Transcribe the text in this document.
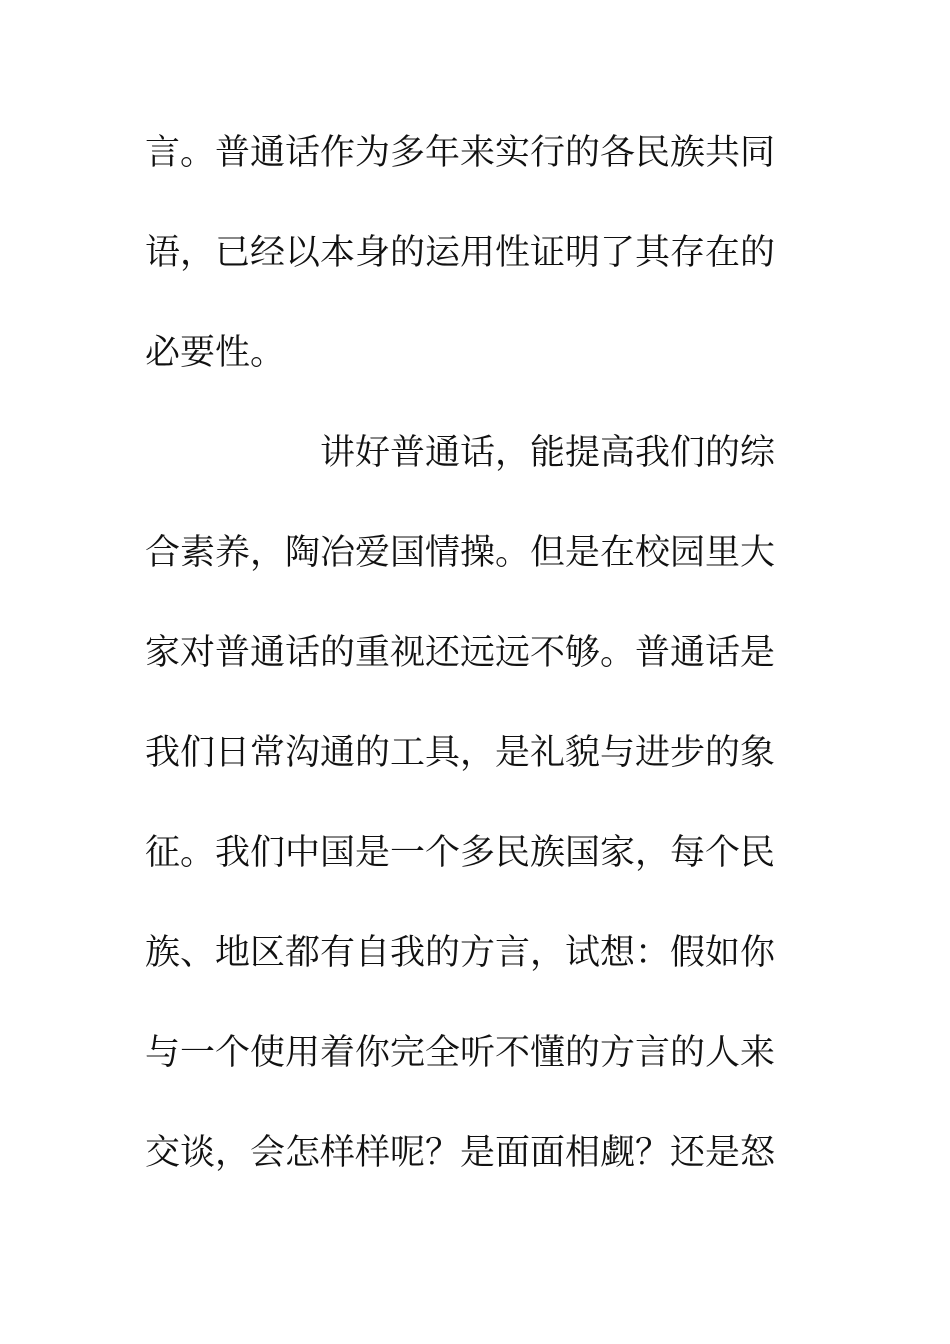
言。普通话作为多年来实行的各民族共同
语，已经以本身的运用性证明了其存在的
必要性。
讲好普通话，能提高我们的综
合素养，陶冶爱国情操。但是在校园里大
家对普通话的重视还远远不够。普通话是
我们日常沟通的工具，是礼貌与进步的象
征。我们中国是一个多民族国家，每个民
族、地区都有自我的方言，试想：假如你
与一个使用着你完全听不懂的方言的人来
交谈，会怎样样呢？是面面相觑？还是怒
